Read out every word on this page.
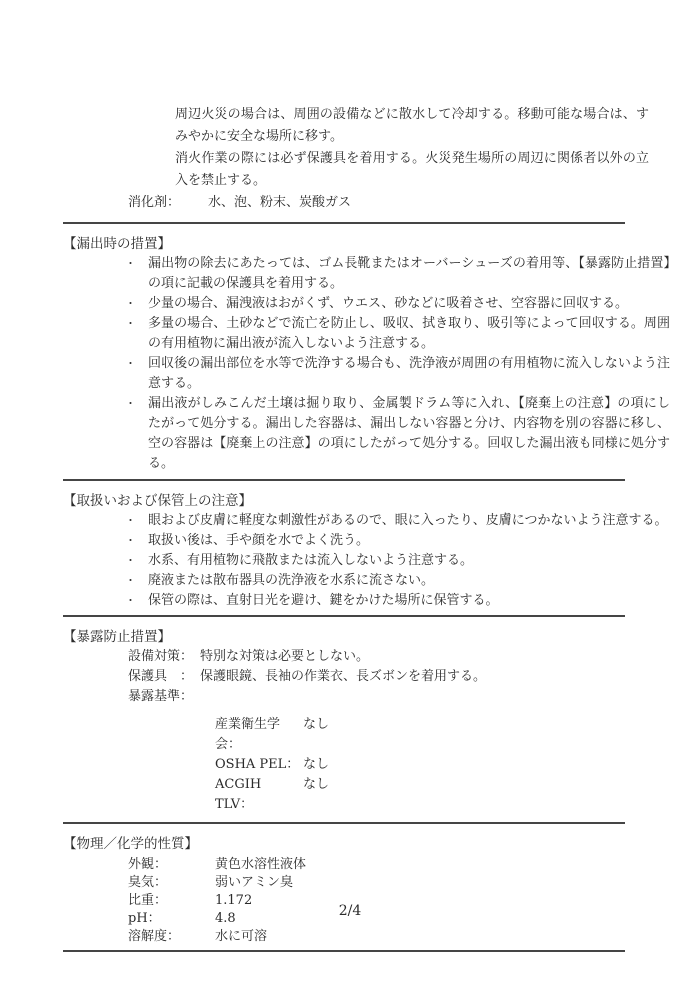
周辺火災の場合は、周囲の設備などに散水して冷却する。移動可能な場合は、すみやかに安全な場所に移す。

消火作業の際には必ず保護具を着用する。火災発生場所の周辺に関係者以外の立入を禁止する。

消化剤：	水、泡、粉末、炭酸ガス
【漏出時の措置】
・ 漏出物の除去にあたっては、ゴム長靴またはオーバーシューズの着用等、【暴露防止措置】の項に記載の保護具を着用する。
・ 少量の場合、漏洩液はおがくず、ウエス、砂などに吸着させ、空容器に回収する。
・ 多量の場合、土砂などで流亡を防止し、吸収、拭き取り、吸引等によって回収する。周囲の有用植物に漏出液が流入しないよう注意する。
・ 回収後の漏出部位を水等で洗浄する場合も、洗浄液が周囲の有用植物に流入しないよう注意する。
・ 漏出液がしみこんだ土壌は掘り取り、金属製ドラム等に入れ、【廃棄上の注意】の項にしたがって処分する。漏出した容器は、漏出しない容器と分け、内容物を別の容器に移し、空の容器は【廃棄上の注意】の項にしたがって処分する。回収した漏出液も同様に処分する。
【取扱いおよび保管上の注意】
・ 眼および皮膚に軽度な刺激性があるので、眼に入ったり、皮膚につかないよう注意する。
・ 取扱い後は、手や顔を水でよく洗う。
・ 水系、有用植物に飛散または流入しないよう注意する。
・ 廃液または散布器具の洗浄液を水系に流さない。
・ 保管の際は、直射日光を避け、鍵をかけた場所に保管する。
【暴露防止措置】
設備対策： 特別な対策は必要としない。
保護具　： 保護眼鏡、長袖の作業衣、長ズボンを着用する。
暴露基準：
産業衛生学会：
なし
OSHA PEL： なし
ACGIH TLV：
なし
【物理／化学的性質】
外観：	黄色水溶性液体
臭気：	弱いアミン臭
比重：	1.172
pH：	4.8
溶解度：	水に可溶
2/4
